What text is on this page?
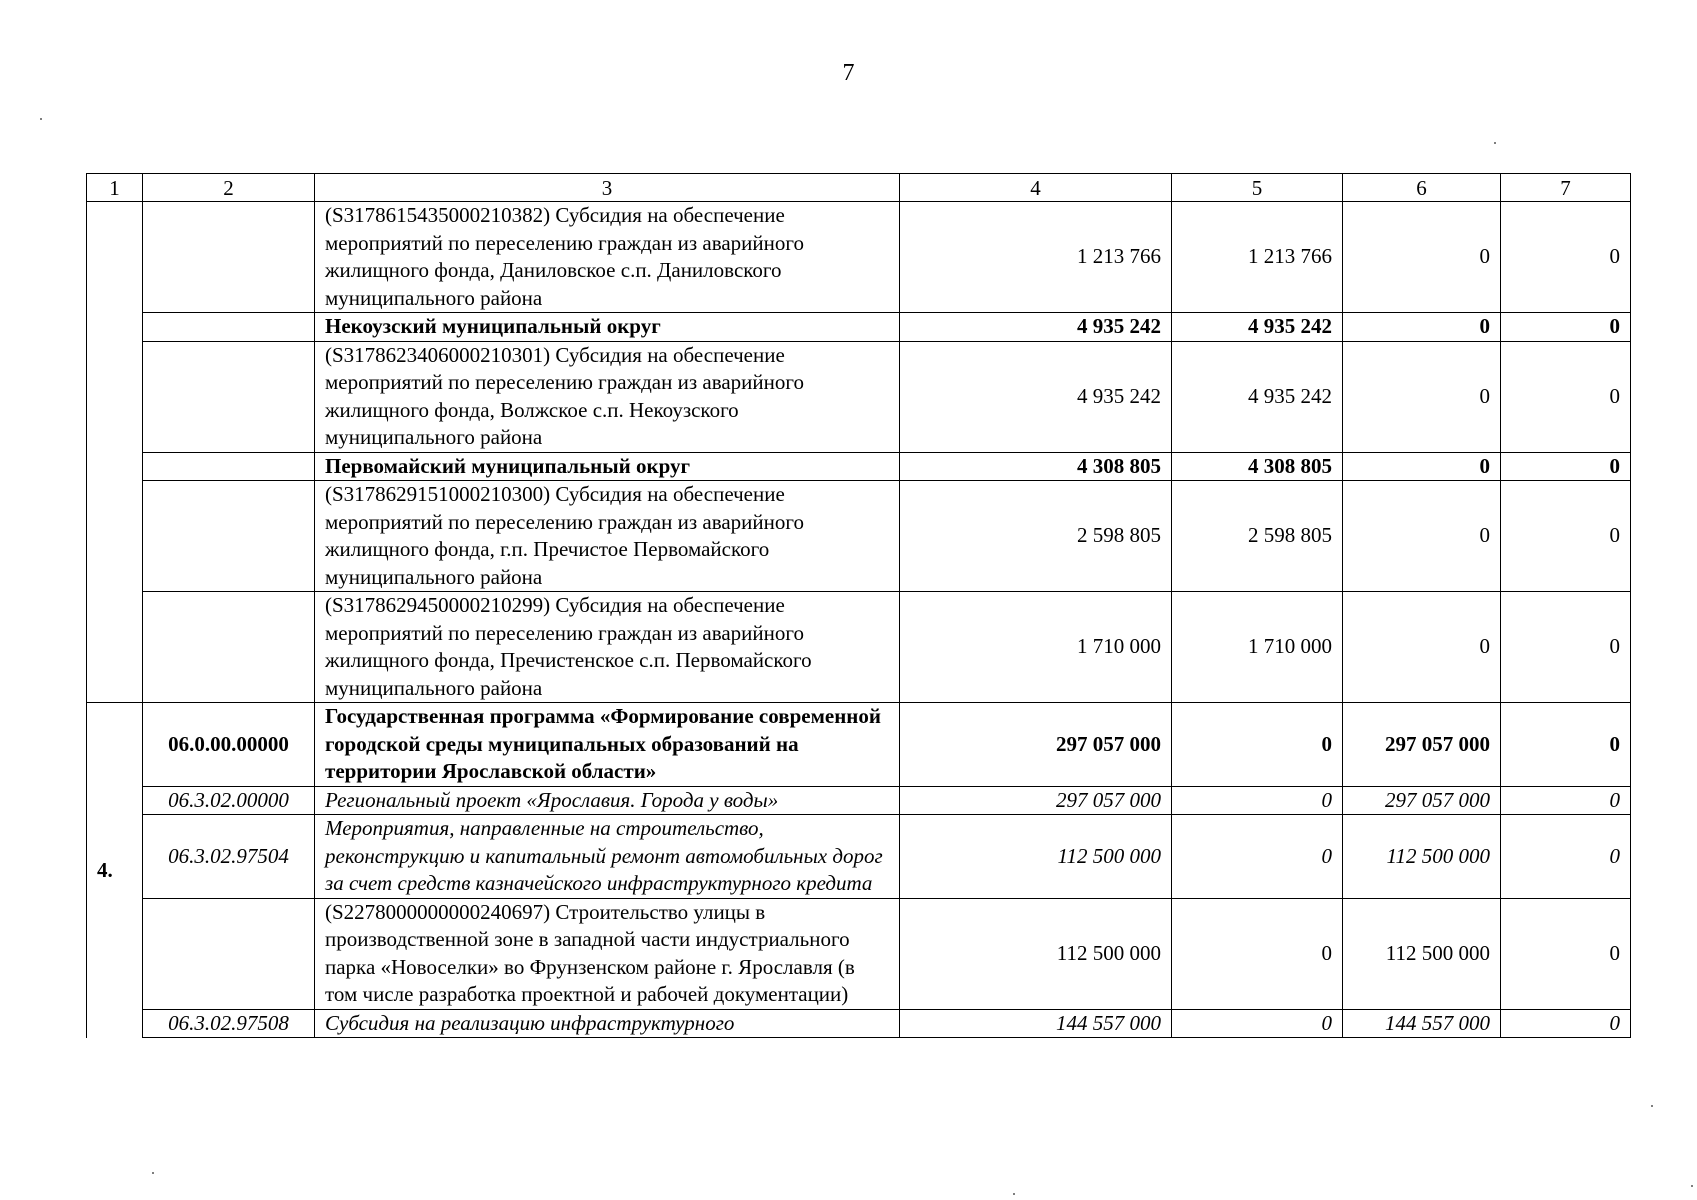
7
1	2	3	4	5	6	7
		(S3178615435000210382) Субсидия на обеспечение мероприятий по переселению граждан из аварийного жилищного фонда, Даниловское с.п. Даниловского муниципального района	1 213 766	1 213 766	0	0
		Некоузский муниципальный округ	4 935 242	4 935 242	0	0
		(S3178623406000210301) Субсидия на обеспечение мероприятий по переселению граждан из аварийного жилищного фонда, Волжское с.п. Некоузского муниципального района	4 935 242	4 935 242	0	0
		Первомайский муниципальный округ	4 308 805	4 308 805	0	0
		(S3178629151000210300) Субсидия на обеспечение мероприятий по переселению граждан из аварийного жилищного фонда, г.п. Пречистое Первомайского муниципального района	2 598 805	2 598 805	0	0
		(S3178629450000210299) Субсидия на обеспечение мероприятий по переселению граждан из аварийного жилищного фонда, Пречистенское с.п. Первомайского муниципального района	1 710 000	1 710 000	0	0
4.	06.0.00.00000	Государственная программа «Формирование современной городской среды муниципальных образований на территории Ярославской области»	297 057 000	0	297 057 000	0
	06.3.02.00000	Региональный проект «Ярославия. Города у воды»	297 057 000	0	297 057 000	0
	06.3.02.97504	Мероприятия, направленные на строительство, реконструкцию и капитальный ремонт автомобильных дорог за счет средств казначейского инфраструктурного кредита	112 500 000	0	112 500 000	0
		(S2278000000000240697) Строительство улицы в производственной зоне в западной части индустриального парка «Новоселки» во Фрунзенском районе г. Ярославля (в том числе разработка проектной и рабочей документации)	112 500 000	0	112 500 000	0
	06.3.02.97508	Субсидия на реализацию инфраструктурного	144 557 000	0	144 557 000	0
